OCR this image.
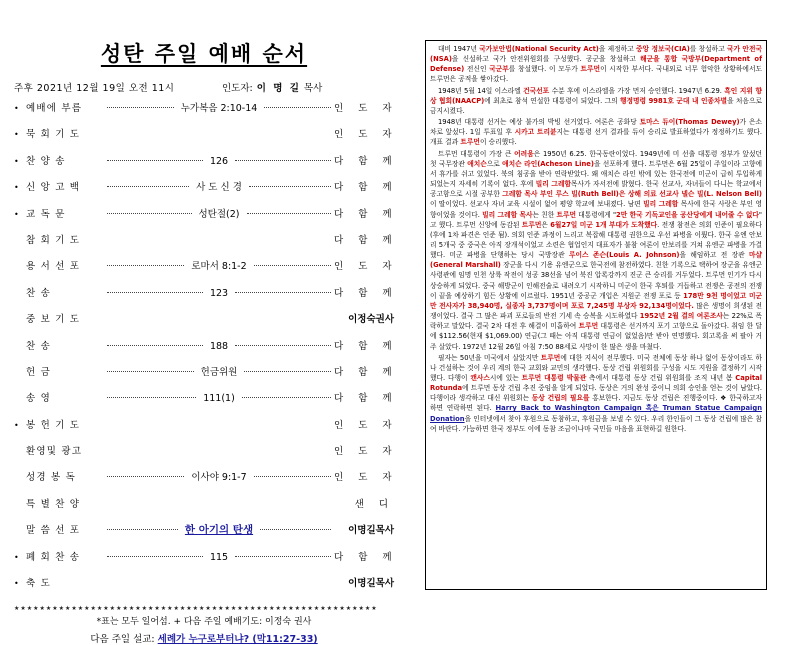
성탄 주일 예배 순서
주후 2021년 12월 19일 오전 11시	인도자: 이 명 길 목사
• 예배에 부름	누가복음 2:10-14	인 도 자
• 묵 회 기 도	인 도 자
• 찬 양 송	126	다 함 께
• 신 앙 고 백	사 도 신 경	다 함 께
• 교 독 문	성탄절(2)	다 함 께
참 회 기 도	다 함 께
용 서 선 포	로마서 8:1-2	인 도 자
찬 송	123	다 함 께
중 보 기 도	이정숙권사
찬 송	188	다 함 께
헌 금	헌금위원	다 함 께
송 영	111(1)	다 함 께
• 봉 헌 기 도	인 도 자
환영및 광고	인 도 자
성경 봉 독	이사야 9:1-7	인 도 자
특 별 찬 양	샌 디
말 씀 선 포	한 아기의 탄생	이명길목사
• 폐 회 찬 송	115	다 함 께
• 축 도	이명길목사
★★★★★★★★★★★★★★★★★★★★★★★★★★★★★★★★★★★★★★★★★★★★★★★★★★★★★★★★★
*표는 모두 일어섬. + 다음 주일 예배기도: 이정숙 권사
다음 주일 설교: 세례가 누구로부터냐? (막11:27-33)

대비 1947년 국가보안법(National Security Act)을 제정하고 중앙 정보국(CIA)를 창설하고 국가 안전국(NSA)을 신설하고 국가 안전위원회를 구성했다. 공군을 창설하고 해군을 통합 국방부(Department of Defense) 전신인 국군부를 창설했다. 이 모두가 트루먼이 시작한 부서다. 국내외로 너무 험악한 상황하에서도 트루먼은 공적을 쌓아갔다.

1948년 5월 14일 이스라엘 건국선포 수분 후에 이스라엘을 가장 먼저 승인했다. 1947년 6.29. 흑인 지위 향상 협회(NAACP)에 최초로 참석 연설한 대통령이 되었다. 그의 행정명령 9981호 군대 내 인종차별을 처음으로 금지시켰다.

1948년 대통령 선거는 예상 불가의 박빙 선거였다. 여론은 공화당 토마스 듀이(Thomas Dewey)가 은소 차로 앞섰다. 1일 투표일 후 시카고 트리뷴지는 대통령 선거 결과를 듀이 승리로 발표하였다가 정정하기도 했다. 개표 결과 트루먼이 승리했다.

트루먼 대통령이 가장 큰 어려움은 1950년 6.25. 한국동란이었다. 1949년에 미 선출 대통령 정부가 앞섰던 첫 국무장관 애치슨으로 애치슨 라인(Acheson Line)을 선포하게 했다. 트루먼은 6월 25일이 주일이라 고향에서 휴가를 쉬고 있었다. 북의 침공을 받아 연락받았다. 왜 애치슨 라인 밖에 있는 한국전에 미군이 급히 투입하게 되었는지 자세히 기록이 없다. 후에 빌리 그레함목사가 자서전에 밝혔다. 한국 선교사, 자녀들이 다니는 학교에서 공고함으로 시절 공부한 그레함 목사 부인 루스 빌(Ruth Bell)은 상해 의료 선교사 넬슨 빌(L. Nelson Bell)이 딸이었다. 선교사 자녀 교육 시설이 없어 평양 학교에 보내졌다. 남편 빌리 그레함 목사에 한국 사랑은 부인 영향이었을 것이다. 빌리 그레함 목사는 친한 트루먼 대통령에게 "2만 한국 기독교인을 공산당에게 내어줄 수 없다" 고 했다. 트루먼 신앙에 동감된 트루먼은 6월27일 미군 1개 부대가 도착했다. 전쟁 참전은 의회 인준이 필요하다(후에 1차 파견은 인준 됨). 의회 인준 과정이 느리고 복잡해 대통령 권한으로 우선 파병을 이뤘다. 한국 유엔 안보리 5개국 중 중국은 아직 장개석이었고 소련은 협업인지 대표자가 불참 여론이 안보리를 거쳐 유엔군 파병을 가결했다. 미군 파병을 단행하는 당시 국방장관 루이스 존슨(Louis A. Johnson)을 해임하고 전 장관 마샬(General Marshall) 장군을 다시 기용 유엔군으로 한국전에 참전하였다. 친한 기록으로 택하여 장군을 유엔군 사령관에 임명 인천 상륙 작전이 성공 38선을 넘어 북진 압록강까지 진군 큰 승리를 거두었다. 트루먼 인기가 다시 상승하게 되었다. 중국 해방군이 인해전술로 내려오기 시작하니 미군이 한국 후퇴를 거듭하고 전쟁은 공전의 전쟁이 끝을 예상하기 힘든 상황에 이르렀다. 1951년 중공군 개입은 지원군 전쟁 포로 등 178만 9천 명이었고 미군만 전사자가 38,940명, 실종자 3,737명이며 포로 7,245명 부상자 92,134명이었다. 많은 생명이 희생된 전쟁이었다. 결국 그 많은 파괴 포로들의 반전 기세 속 승복을 시도하였다 1952년 2월 결의 여론조사는 22%로 폭락하고 말았다. 결국 2차 대전 후 해결이 미흡하여 트루먼 대통령은 선거까지 포기 고향으로 돌아갔다. 취임 한 달에 $112.56(현재 $1,069.00) 연금(그 때는 아직 대통령 연금이 없었음)만 받아 연명했다. 회고록을 써 팔아 거주 살았다. 1972년 12월 26일 아침 7:50 88세로 사망이 한 많은 생을 마쳤다.

필자는 50년을 미국에서 살았지만 트루먼에 대한 지식이 전무했다. 미국 전체에 동상 하나 없어 동상이라도 하나 건설하는 것이 우리 계의 한국 교회와 교민의 생각했다. 동상 건립 위원회를 구성을 시도 지원을 결정하기 시작했다. 다행이 캔사스시에 있는 트루먼 대통령 박물관 측에서 대통령 동상 건립 위원회를 조직 내년 봄 Capital Rotunda에 트루먼 동상 건립 추진 중임을 알게 되었다. 동상은 거의 완성 중이니 의회 승인을 얻는 것이 남았다. 다행이라 생각하고 대신 위원회는 동상 건립의 필요를 홍보한다. 지금도 동상 건립은 진행중이다. ❖ 한국하고자 하면 연락하면 된다. Harry Back to Washington Campaign 혹은 Truman Statue Campaign Donation을 인터넷에서 찾아 후원으로 동참하고, 후원금을 보낼 수 있다. 우리 한인들이 그 동상 건립에 많은 참여 바란다. 가능하면 한국 정부도 이에 동참 조금이나마 국민들 마음을 표현하길 원한다.
